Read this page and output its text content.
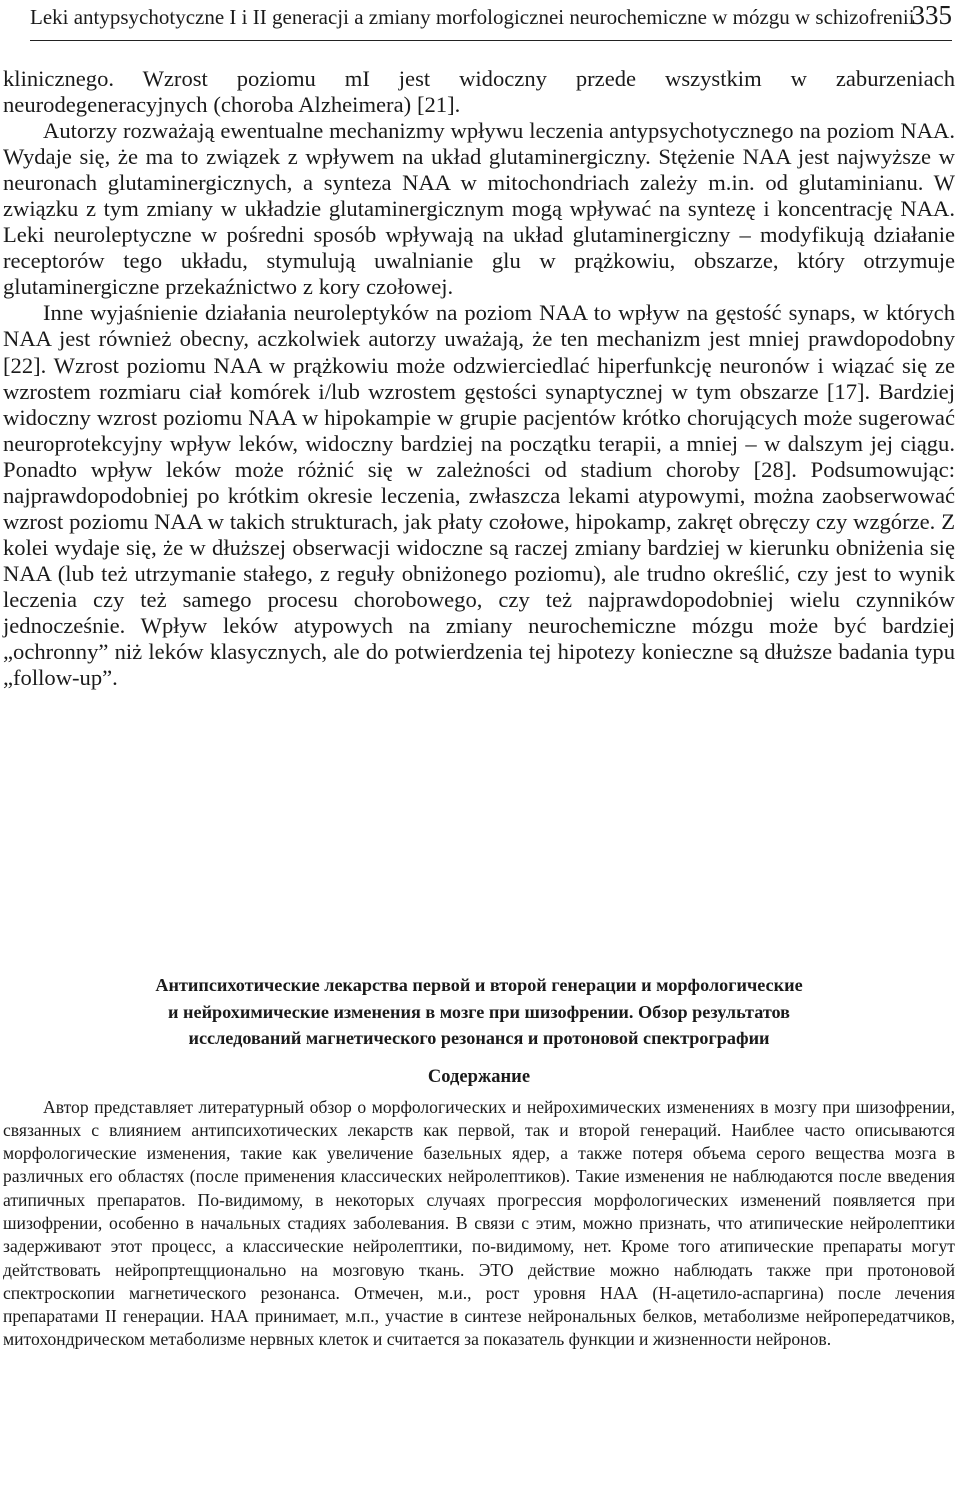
Leki antypsychotyczne I i II generacji a zmiany morfologicznei neurochemiczne w mózgu w schizofrenii
335

klinicznego. Wzrost poziomu mI jest widoczny przede wszystkim w zaburzeniach neurodegeneracyjnych (choroba Alzheimera) [21].

Autorzy rozważają ewentualne mechanizmy wpływu leczenia antypsychotycznego na poziom NAA. Wydaje się, że ma to związek z wpływem na układ glutaminergiczny. Stężenie NAA jest najwyższe w neuronach glutaminergicznych, a synteza NAA w mitochondriach zależy m.in. od glutaminianu. W związku z tym zmiany w układzie glutaminergicznym mogą wpływać na syntezę i koncentrację NAA. Leki neuroleptyczne w pośredni sposób wpływają na układ glutaminergiczny – modyfikują działanie receptorów tego układu, stymulują uwalnianie glu w prążkowiu, obszarze, który otrzymuje glutaminergiczne przekaźnictwo z kory czołowej.

Inne wyjaśnienie działania neuroleptyków na poziom NAA to wpływ na gęstość synaps, w których NAA jest również obecny, aczkolwiek autorzy uważają, że ten mechanizm jest mniej prawdopodobny [22]. Wzrost poziomu NAA w prążkowiu może odzwierciedlać hiperfunkcję neuronów i wiązać się ze wzrostem rozmiaru ciał komórek i/lub wzrostem gęstości synaptycznej w tym obszarze [17]. Bardziej widoczny wzrost poziomu NAA w hipokampie w grupie pacjentów krótko chorujących może sugerować neuroprotekcyjny wpływ leków, widoczny bardziej na początku terapii, a mniej – w dalszym jej ciągu. Ponadto wpływ leków może różnić się w zależności od stadium choroby [28]. Podsumowując: najprawdopodobniej po krótkim okresie leczenia, zwłaszcza lekami atypowymi, można zaobserwować wzrost poziomu NAA w takich strukturach, jak płaty czołowe, hipokamp, zakręt obręczy czy wzgórze. Z kolei wydaje się, że w dłuższej obserwacji widoczne są raczej zmiany bardziej w kierunku obniżenia się NAA (lub też utrzymanie stałego, z reguły obniżonego poziomu), ale trudno określić, czy jest to wynik leczenia czy też samego procesu chorobowego, czy też najprawdopodobniej wielu czynników jednocześnie. Wpływ leków atypowych na zmiany neurochemiczne mózgu może być bardziej „ochronny” niż leków klasycznych, ale do potwierdzenia tej hipotezy konieczne są dłuższe badania typu „follow-up”.

Антипсихотические лекарства первой и второй генерации и морфологические
и нейрохимические изменения в мозге при шизофрении. Обзор результатов
исследований магнетического резонанся и протоновой спектрографии

Содержание

Автор представляет литературный обзор о морфологических и нейрохимических изменениях в мозгу при шизофрении, связанных с влиянием антипсихотических лекарств как первой, так и второй генераций. Наиблее часто описываются морфологические изменения, такие как увеличение базельных ядер, а также потеря объема серого вещества мозга в различных его областях (после применения классических нейролептиков). Такие изменения не наблюдаются после введения атипичных препаратов. По-видимому, в некоторых случаях прогрессия морфологических изменений появляется при шизофрении, особенно в начальных стадиях заболевания. В связи с этим, можно признать, что атипические нейролептики задерживают этот процесс, а классические нейролептики, по-видимому, нет. Кроме того атипические препараты могут дейтствовать нейропртещционально на мозговую ткань. ЭТО действие можно наблюдать также при протоновой спектроскопии магнетического резонанса. Отмечен, м.и., рост уровня НАА (Н-ацетило-аспаргина) после лечения препаратами II генерации. НАА принимает, м.п., участие в синтезе нейрональных белков, метаболизме нейропередатчиков, митохондрическом метаболизме нервных клеток и считается за показатель функции и жизненности нейронов.
